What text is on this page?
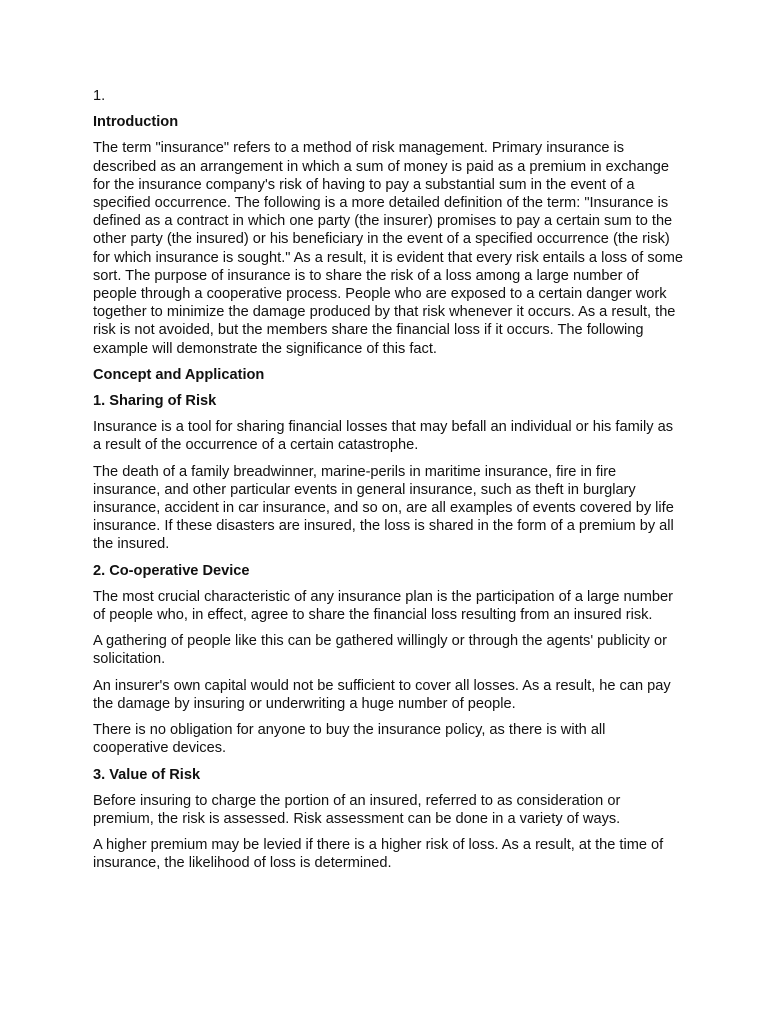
1.
Introduction

The term "insurance" refers to a method of risk management. Primary insurance is described as an arrangement in which a sum of money is paid as a premium in exchange for the insurance company's risk of having to pay a substantial sum in the event of a specified occurrence. The following is a more detailed definition of the term: "Insurance is defined as a contract in which one party (the insurer) promises to pay a certain sum to the other party (the insured) or his beneficiary in the event of a specified occurrence (the risk) for which insurance is sought." As a result, it is evident that every risk entails a loss of some sort. The purpose of insurance is to share the risk of a loss among a large number of people through a cooperative process. People who are exposed to a certain danger work together to minimize the damage produced by that risk whenever it occurs. As a result, the risk is not avoided, but the members share the financial loss if it occurs. The following example will demonstrate the significance of this fact.

Concept and Application
1. Sharing of Risk

Insurance is a tool for sharing financial losses that may befall an individual or his family as a result of the occurrence of a certain catastrophe.

The death of a family breadwinner, marine-perils in maritime insurance, fire in fire insurance, and other particular events in general insurance, such as theft in burglary insurance, accident in car insurance, and so on, are all examples of events covered by life insurance. If these disasters are insured, the loss is shared in the form of a premium by all the insured.

2. Co-operative Device

The most crucial characteristic of any insurance plan is the participation of a large number of people who, in effect, agree to share the financial loss resulting from an insured risk.

A gathering of people like this can be gathered willingly or through the agents' publicity or solicitation.

An insurer's own capital would not be sufficient to cover all losses. As a result, he can pay the damage by insuring or underwriting a huge number of people.

There is no obligation for anyone to buy the insurance policy, as there is with all cooperative devices.

3. Value of Risk

Before insuring to charge the portion of an insured, referred to as consideration or premium, the risk is assessed. Risk assessment can be done in a variety of ways.

A higher premium may be levied if there is a higher risk of loss. As a result, at the time of insurance, the likelihood of loss is determined.
